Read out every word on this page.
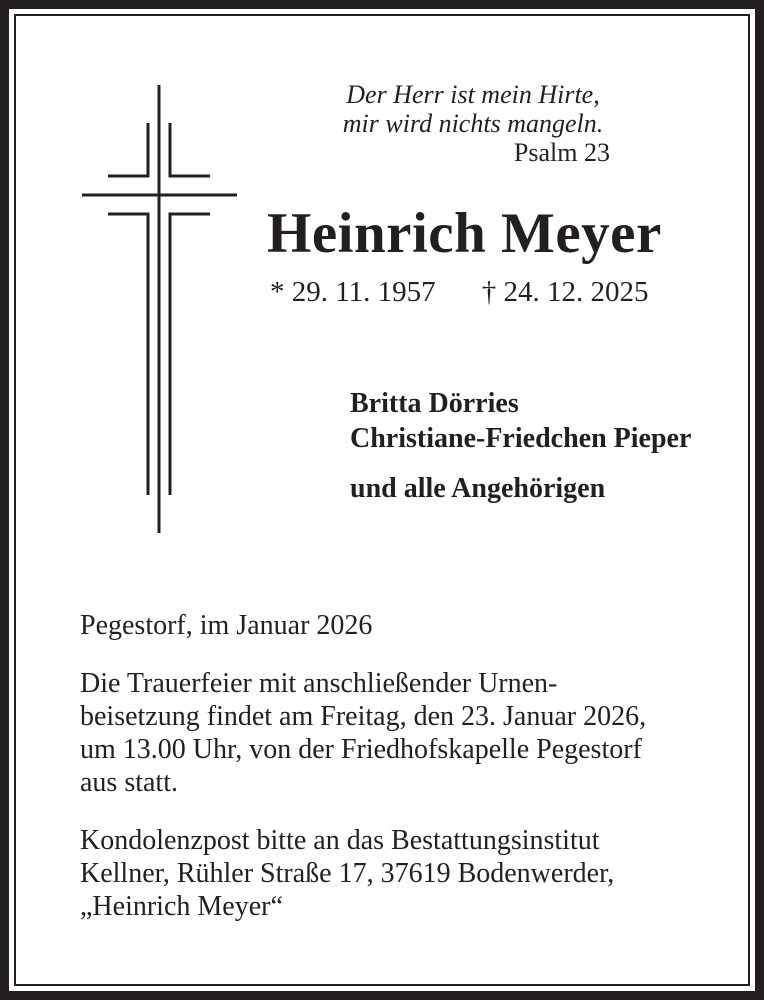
Der Herr ist mein Hirte,
mir wird nichts mangeln.
Psalm 23
Heinrich Meyer
* 29. 11. 1957 † 24. 12. 2025
Britta Dörries
Christiane-Friedchen Pieper
und alle Angehörigen
Pegestorf, im Januar 2026
Die Trauerfeier mit anschließender Urnen-
beisetzung findet am Freitag, den 23. Januar 2026,
um 13.00 Uhr, von der Friedhofskapelle Pegestorf
aus statt.
Kondolenzpost bitte an das Bestattungsinstitut
Kellner, Rühler Straße 17, 37619 Bodenwerder,
„Heinrich Meyer“
